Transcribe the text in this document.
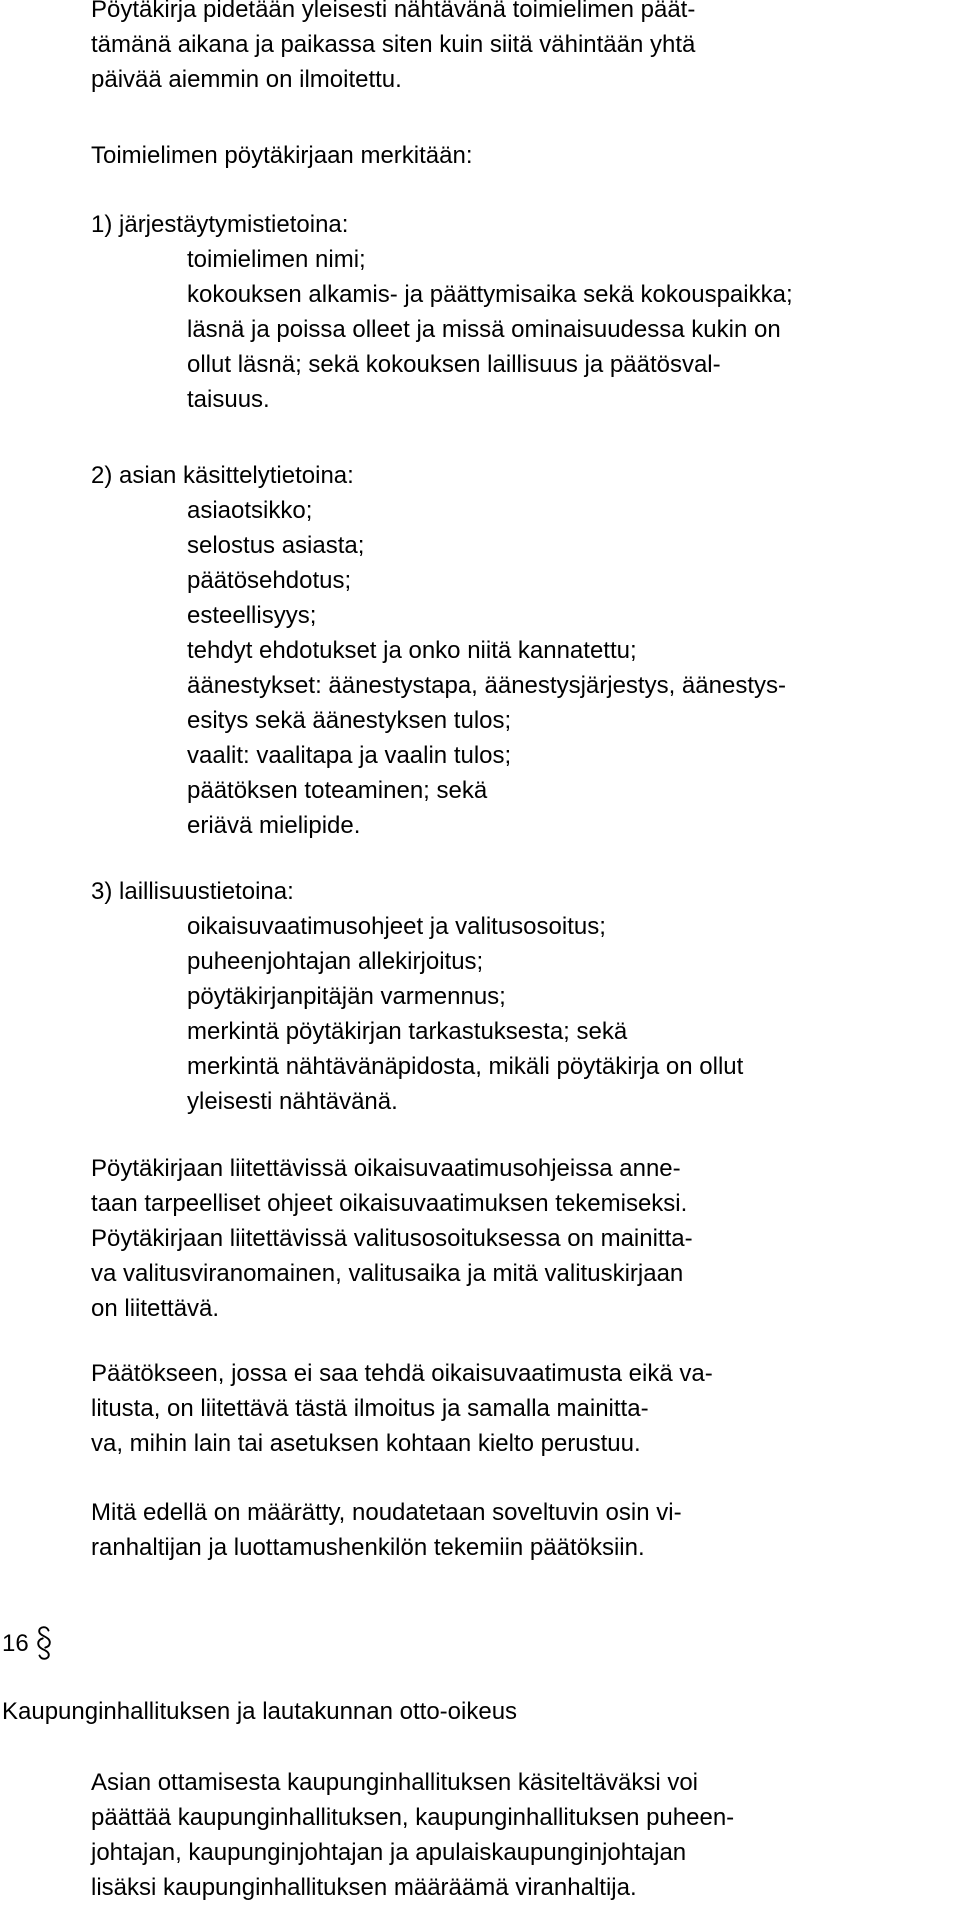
Pöytäkirja pidetään yleisesti nähtävänä toimielimen päät-
tämänä aikana ja paikassa siten kuin siitä vähintään yhtä
päivää aiemmin on ilmoitettu.
Toimielimen pöytäkirjaan merkitään:
1) järjestäytymistietoina:
toimielimen nimi;
kokouksen alkamis- ja päättymisaika sekä kokouspaikka;
läsnä ja poissa olleet ja missä ominaisuudessa kukin on
ollut läsnä; sekä kokouksen laillisuus ja päätösval-
taisuus.
2) asian käsittelytietoina:
asiaotsikko;
selostus asiasta;
päätösehdotus;
esteellisyys;
tehdyt ehdotukset ja onko niitä kannatettu;
äänestykset: äänestystapa, äänestysjärjestys, äänestys-
esitys sekä äänestyksen tulos;
vaalit: vaalitapa ja vaalin tulos;
päätöksen toteaminen; sekä
eriävä mielipide.
3) laillisuustietoina:
oikaisuvaatimusohjeet ja valitusosoitus;
puheenjohtajan allekirjoitus;
pöytäkirjanpitäjän varmennus;
merkintä pöytäkirjan tarkastuksesta; sekä
merkintä nähtävänäpidosta, mikäli pöytäkirja on ollut
yleisesti nähtävänä.
Pöytäkirjaan liitettävissä oikaisuvaatimusohjeissa anne-
taan tarpeelliset ohjeet oikaisuvaatimuksen tekemiseksi.
Pöytäkirjaan liitettävissä valitusosoituksessa on mainitta-
va valitusviranomainen, valitusaika ja mitä valituskirjaan
on liitettävä.
Päätökseen, jossa ei saa tehdä oikaisuvaatimusta eikä va-
litusta, on liitettävä tästä ilmoitus ja samalla mainitta-
va, mihin lain tai asetuksen kohtaan kielto perustuu.
Mitä edellä on määrätty, noudatetaan soveltuvin osin vi-
ranhaltijan ja luottamushenkilön tekemiin päätöksiin.
16
Kaupunginhallituksen ja lautakunnan otto-oikeus
Asian ottamisesta kaupunginhallituksen käsiteltäväksi voi
päättää kaupunginhallituksen, kaupunginhallituksen puheen-
johtajan, kaupunginjohtajan ja apulaiskaupunginjohtajan
lisäksi kaupunginhallituksen määräämä viranhaltija.
